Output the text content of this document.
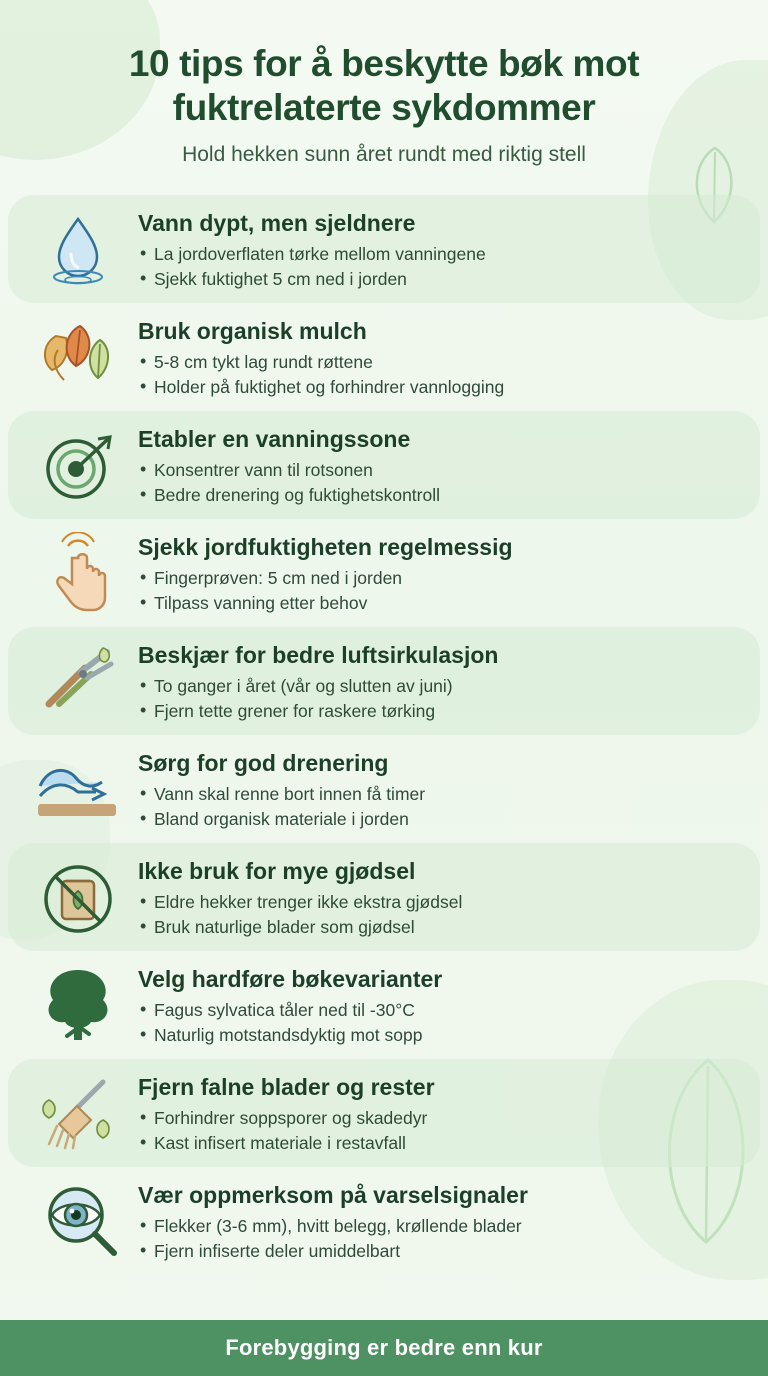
10 tips for å beskytte bøk mot fuktrelaterte sykdommer

Hold hekken sunn året rundt med riktig stell

Vann dypt, men sjeldnere
• La jordoverflaten tørke mellom vanningene
• Sjekk fuktighet 5 cm ned i jorden
Bruk organisk mulch
• 5-8 cm tykt lag rundt røttene
• Holder på fuktighet og forhindrer vannlogging
Etabler en vanningssone
• Konsentrer vann til rotsonen
• Bedre drenering og fuktighetskontroll
Sjekk jordfuktigheten regelmessig
• Fingerprøven: 5 cm ned i jorden
• Tilpass vanning etter behov
Beskjær for bedre luftsirkulasjon
• To ganger i året (vår og slutten av juni)
• Fjern tette grener for raskere tørking
Sørg for god drenering
• Vann skal renne bort innen få timer
• Bland organisk materiale i jorden
Ikke bruk for mye gjødsel
• Eldre hekker trenger ikke ekstra gjødsel
• Bruk naturlige blader som gjødsel
Velg hardføre bøkevarianter
• Fagus sylvatica tåler ned til -30°C
• Naturlig motstandsdyktig mot sopp
Fjern falne blader og rester
• Forhindrer soppsporer og skadedyr
• Kast infisert materiale i restavfall
Vær oppmerksom på varselsignaler
• Flekker (3-6 mm), hvitt belegg, krøllende blader
• Fjern infiserte deler umiddelbart
Forebygging er bedre enn kur
